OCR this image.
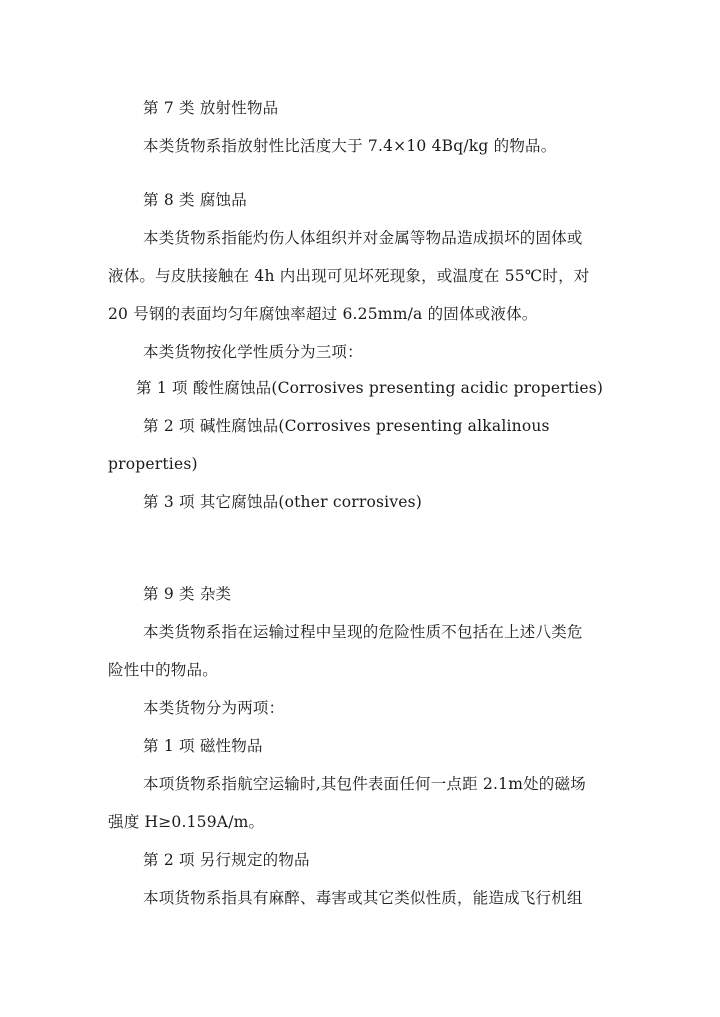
第 7 类 放射性物品
本类货物系指放射性比活度大于 7.4×10 4Bq/kg 的物品。
第 8 类 腐蚀品
本类货物系指能灼伤人体组织并对金属等物品造成损坏的固体或
液体。与皮肤接触在 4h 内出现可见坏死现象，或温度在 55℃时，对
20 号钢的表面均匀年腐蚀率超过 6.25mm/a 的固体或液体。
本类货物按化学性质分为三项：
第 1 项 酸性腐蚀品(Corrosives presenting acidic properties)
第 2 项 碱性腐蚀品(Corrosives presenting alkalinous
properties)
第 3 项 其它腐蚀品(other corrosives)
第 9 类 杂类
本类货物系指在运输过程中呈现的危险性质不包括在上述八类危
险性中的物品。
本类货物分为两项：
第 1 项 磁性物品
本项货物系指航空运输时,其包件表面任何一点距 2.1m处的磁场
强度 H≥0.159A/m。
第 2 项 另行规定的物品
本项货物系指具有麻醉、毒害或其它类似性质，能造成飞行机组
